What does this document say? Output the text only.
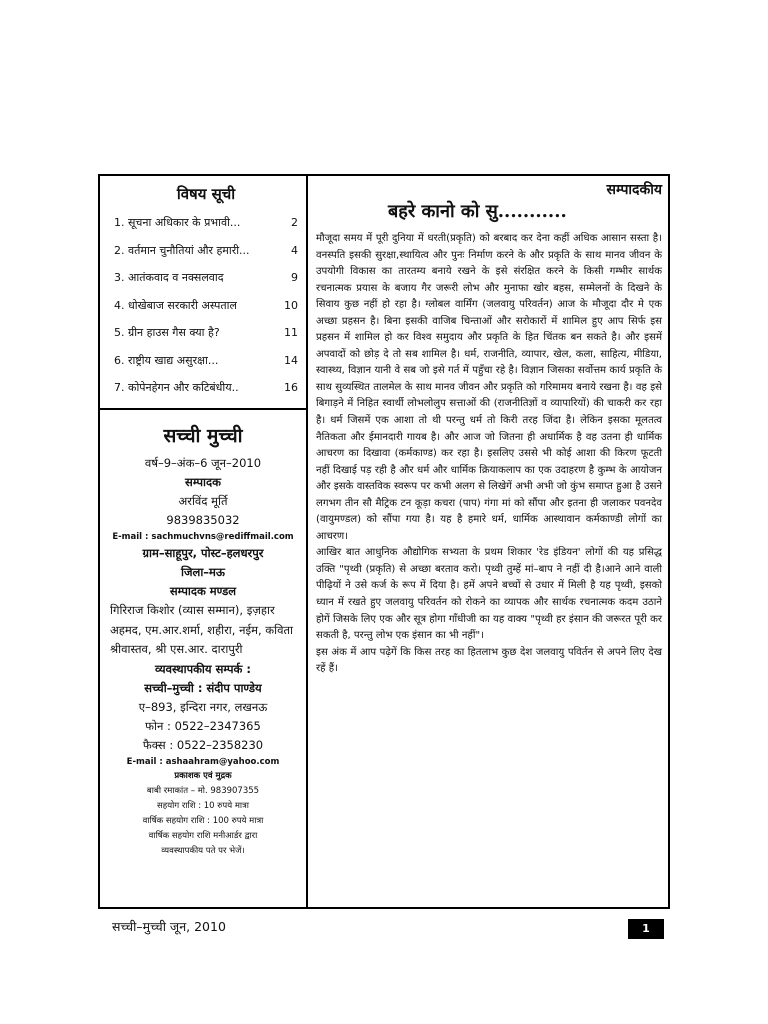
विषय सूची
1. सूचना अधिकार के प्रभावी...	2
2. वर्तमान चुनौतियां और हमारी...	4
3. आतंकवाद व नक्सलवाद	9
4. धोखेबाज सरकारी अस्पताल	10
5. ग्रीन हाउस गैस क्या है?	11
6. राष्ट्रीय खाद्य असुरक्षा...	14
7. कोपेनहेगन और कटिबंधीय..	16
सच्ची मुच्ची
वर्ष–9–अंक–6 जून–2010
सम्पादक
अरविंद मूर्ति
9839835032
E-mail : sachmuchvns@rediffmail.com
ग्राम–साहूपुर, पोस्ट–हलधरपुर
जिला–मऊ
सम्पादक मण्डल
गिरिराज किशोर (व्यास सम्मान), इज़हार अहमद, एम.आर.शर्मा, शहीरा, नईम, कविता श्रीवास्तव, श्री एस.आर. दारापुरी
व्यवस्थापकीय सम्पर्क :
सच्ची–मुच्ची : संदीप पाण्डेय
ए–893, इन्दिरा नगर, लखनऊ
फोन : 0522–2347365
फैक्स : 0522–2358230
E-mail : ashaahram@yahoo.com
प्रकाशक एवं मुद्रक
बाबी रमाकांत – मो. 983907355
सहयोग राशि : 10 रुपये मात्रा
वार्षिक सहयोग राशि : 100 रुपये मात्रा
वार्षिक सहयोग राशि मनीआर्डर द्वारा
व्यवस्थापकीय पते पर भेजें।
सम्पादकीय
बहरे कानो को सु...........

मौजूदा समय में पूरी दुनिया में धरती(प्रकृति) को बरबाद कर देना कहीं अधिक आसान सस्ता है। वनस्पति इसकी सुरक्षा,स्थायित्व और पुनः निर्माण करने के और प्रकृति के साथ मानव जीवन के उपयोगी विकास का तारतम्य बनाये रखने के इसे संरक्षित करने के किसी गम्भीर सार्थक रचनात्मक प्रयास के बजाय गैर जरूरी लोभ और मुनाफा खोर बहस, सम्मेलनों के दिखने के सिवाय कुछ नहीं हो रहा है। ग्लोबल वार्मिंग (जलवायु परिवर्तन) आज के मौजूदा दौर मे एक अच्छा प्रहसन है। बिना इसकी वाजिब चिन्ताओं और सरोकारों में शामिल हुए आप सिर्फ इस प्रहसन में शामिल हो कर विश्व समुदाय और प्रकृति के हित चिंतक बन सकते है। और इसमें अपवादों को छोड़ दे तो सब शामिल है। धर्म, राजनीति, व्यापार, खेल, कला, साहित्य, मीडिया, स्वास्थ्य, विज्ञान यानी वे सब जो इसे गर्त में पहुँचा रहे है। विज्ञान जिसका सर्वोत्तम कार्य प्रकृति के साथ सुव्यस्थित तालमेल के साथ मानव जीवन और प्रकृति को गरिमामय बनाये रखना है। वह इसे बिगाड़ने में निहित स्वार्थी लोभलोलुप सत्ताओं की (राजनीतिज्ञों व व्यापारियों) की चाकरी कर रहा है। धर्म जिसमें एक आशा तो थी परन्तु धर्म तो किरी तरह जिंदा है। लेकिन इसका मूलतत्व नैतिकता और ईमानदारी गायब है। और आज जो जितना ही अधार्मिक है वह उतना ही धार्मिक आचरण का दिखावा (कर्मकाण्ड) कर रहा है। इसलिए उससे भी कोई आशा की किरण फूटती नहीं दिखाई पड़ रही है और धर्म और धार्मिक क्रियाकलाप का एक उदाहरण है कुम्भ के आयोजन और इसके वास्तविक स्वरूप पर कभी अलग से लिखेगें अभी अभी जो कुंभ समाप्त हुआ है उसने लगभग तीन सौ मैट्रिक टन कूड़ा कचरा (पाप) गंगा मां को सौंपा और इतना ही जलाकर पवनदेव (वायुमण्डल) को सौंपा गया है। यह है हमारे धर्म, धार्मिक आस्थावान कर्मकाण्डी लोगों का आचरण।

आखिर बात आधुनिक औद्योगिक सभ्यता के प्रथम शिकार 'रेड इंडियन' लोगों की यह प्रसिद्ध उक्ति "पृथ्वी (प्रकृति) से अच्छा बरताव करो। पृथ्वी तुम्हें मां–बाप ने नहीं दी है।आने आने वाली पीढ़ियों ने उसे कर्ज के रूप में दिया है। हमें अपने बच्चों से उधार में मिली है यह पृथ्वी, इसको ध्यान में रखते हुए जलवायु परिवर्तन को रोकने का व्यापक और सार्थक रचनात्मक कदम उठाने होगें जिसके लिए एक और सूत्र होगा गाँधीजी का यह वाक्य "पृथ्वी हर इंसान की जरूरत पूरी कर सकती है, परन्तु लोभ एक इंसान का भी नहीं"।

इस अंक में आप पढ़ेगें कि किस तरह का हितलाभ कुछ देश जलवायु पविर्तन से अपने लिए देख रहें हैं।

सच्ची–मुच्ची जून, 2010	1
